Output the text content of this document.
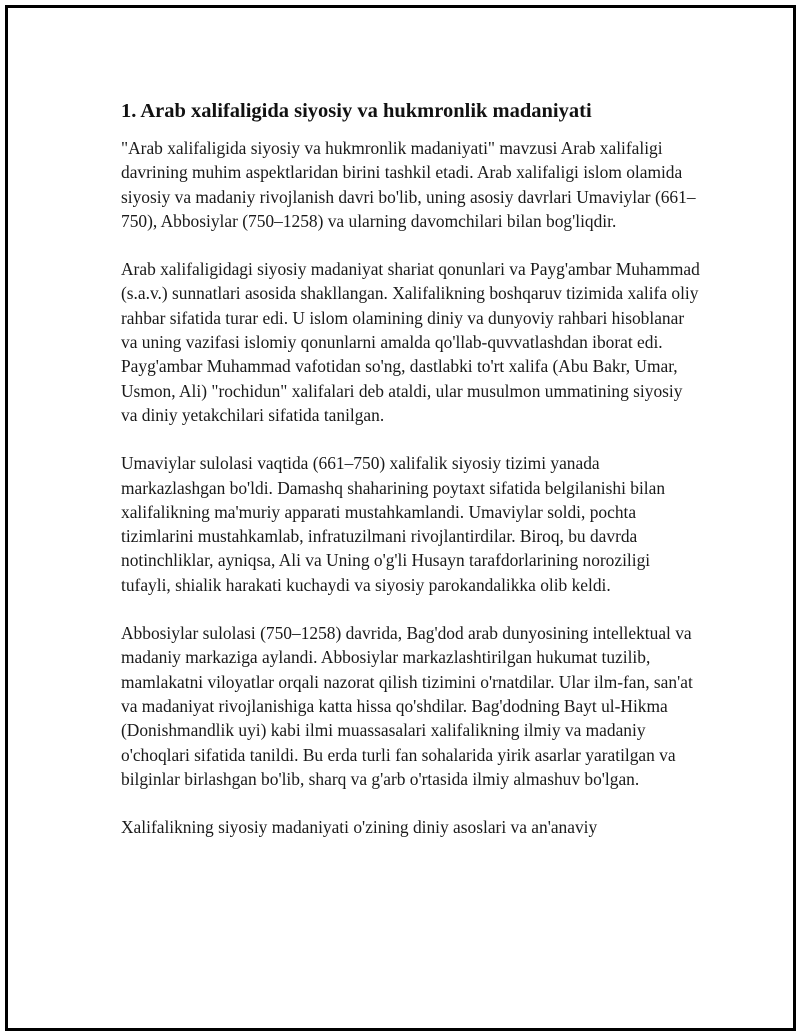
1. Arab xalifaligida siyosiy va hukmronlik madaniyati

"Arab xalifaligida siyosiy va hukmronlik madaniyati" mavzusi Arab xalifaligi davrining muhim aspektlaridan birini tashkil etadi. Arab xalifaligi islom olamida siyosiy va madaniy rivojlanish davri bo'lib, uning asosiy davrlari Umaviylar (661–750), Abbosiylar (750–1258) va ularning davomchilari bilan bog'liqdir.

Arab xalifaligidagi siyosiy madaniyat shariat qonunlari va Payg'ambar Muhammad (s.a.v.) sunnatlari asosida shakllangan. Xalifalikning boshqaruv tizimida xalifa oliy rahbar sifatida turar edi. U islom olamining diniy va dunyoviy rahbari hisoblanar va uning vazifasi islomiy qonunlarni amalda qo'llab-quvvatlashdan iborat edi. Payg'ambar Muhammad vafotidan so'ng, dastlabki to'rt xalifa (Abu Bakr, Umar, Usmon, Ali) "rochidun" xalifalari deb ataldi, ular musulmon ummatining siyosiy va diniy yetakchilari sifatida tanilgan.

Umaviylar sulolasi vaqtida (661–750) xalifalik siyosiy tizimi yanada markazlashgan bo'ldi. Damashq shaharining poytaxt sifatida belgilanishi bilan xalifalikning ma'muriy apparati mustahkamlandi. Umaviylar soldi, pochta tizimlarini mustahkamlab, infratuzilmani rivojlantirdilar. Biroq, bu davrda notinchliklar, ayniqsa, Ali va Uning o'g'li Husayn tarafdorlarining noroziligi tufayli, shialik harakati kuchaydi va siyosiy parokandalikka olib keldi.

Abbosiylar sulolasi (750–1258) davrida, Bag'dod arab dunyosining intellektual va madaniy markaziga aylandi. Abbosiylar markazlashtirilgan hukumat tuzilib, mamlakatni viloyatlar orqali nazorat qilish tizimini o'rnatdilar. Ular ilm-fan, san'at va madaniyat rivojlanishiga katta hissa qo'shdilar. Bag'dodning Bayt ul-Hikma (Donishmandlik uyi) kabi ilmi muassasalari xalifalikning ilmiy va madaniy o'choqlari sifatida tanildi. Bu erda turli fan sohalarida yirik asarlar yaratilgan va bilginlar birlashgan bo'lib, sharq va g'arb o'rtasida ilmiy almashuv bo'lgan.

Xalifalikning siyosiy madaniyati o'zining diniy asoslari va an'anaviy
